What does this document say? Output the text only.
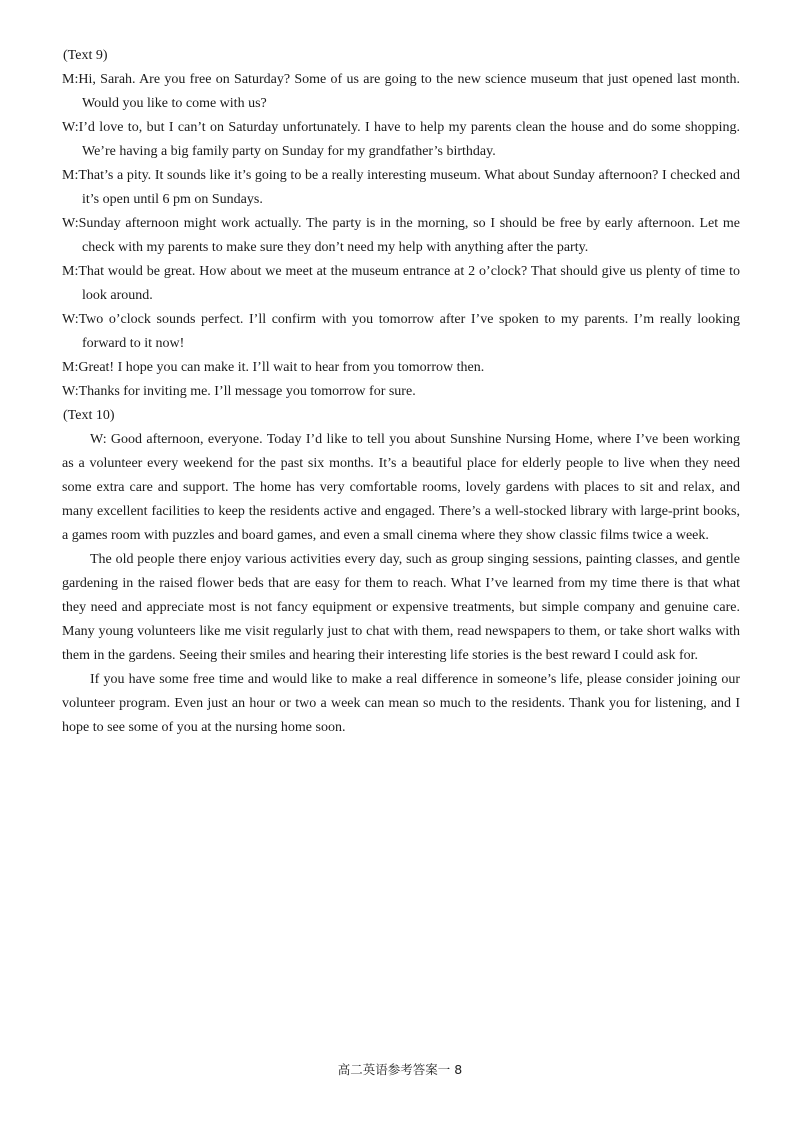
(Text 9)
M:Hi, Sarah. Are you free on Saturday? Some of us are going to the new science museum that just opened last month. Would you like to come with us?
W:I’d love to, but I can’t on Saturday unfortunately. I have to help my parents clean the house and do some shopping. We’re having a big family party on Sunday for my grandfather’s birthday.
M:That’s a pity. It sounds like it’s going to be a really interesting museum. What about Sunday afternoon? I checked and it’s open until 6 pm on Sundays.
W:Sunday afternoon might work actually. The party is in the morning, so I should be free by early afternoon. Let me check with my parents to make sure they don’t need my help with anything after the party.
M:That would be great. How about we meet at the museum entrance at 2 o’clock? That should give us plenty of time to look around.
W:Two o’clock sounds perfect. I’ll confirm with you tomorrow after I’ve spoken to my parents. I’m really looking forward to it now!
M:Great! I hope you can make it. I’ll wait to hear from you tomorrow then.
W:Thanks for inviting me. I’ll message you tomorrow for sure.
(Text 10)
W: Good afternoon, everyone. Today I’d like to tell you about Sunshine Nursing Home, where I’ve been working as a volunteer every weekend for the past six months. It’s a beautiful place for elderly people to live when they need some extra care and support. The home has very comfortable rooms, lovely gardens with places to sit and relax, and many excellent facilities to keep the residents active and engaged. There’s a well-stocked library with large-print books, a games room with puzzles and board games, and even a small cinema where they show classic films twice a week.
The old people there enjoy various activities every day, such as group singing sessions, painting classes, and gentle gardening in the raised flower beds that are easy for them to reach. What I’ve learned from my time there is that what they need and appreciate most is not fancy equipment or expensive treatments, but simple company and genuine care. Many young volunteers like me visit regularly just to chat with them, read newspapers to them, or take short walks with them in the gardens. Seeing their smiles and hearing their interesting life stories is the best reward I could ask for.
If you have some free time and would like to make a real difference in someone’s life, please consider joining our volunteer program. Even just an hour or two a week can mean so much to the residents. Thank you for listening, and I hope to see some of you at the nursing home soon.
高二英语参考答案一 8
